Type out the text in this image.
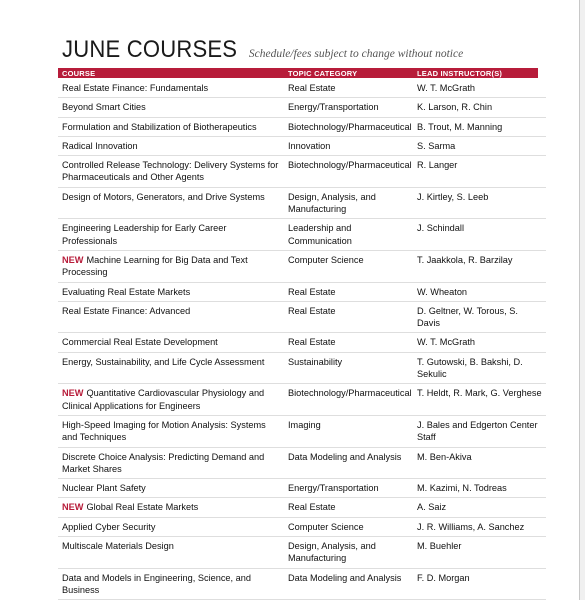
JUNE COURSES Schedule/fees subject to change without notice
COURSE	TOPIC CATEGORY	LEAD INSTRUCTOR(S)
Real Estate Finance: Fundamentals	Real Estate	W. T. McGrath
Beyond Smart Cities	Energy/Transportation	K. Larson, R. Chin
Formulation and Stabilization of Biotherapeutics	Biotechnology/Pharmaceutical	B. Trout, M. Manning
Radical Innovation	Innovation	S. Sarma
Controlled Release Technology: Delivery Systems for Pharmaceuticals and Other Agents	Biotechnology/Pharmaceutical	R. Langer
Design of Motors, Generators, and Drive Systems	Design, Analysis, and Manufacturing	J. Kirtley, S. Leeb
Engineering Leadership for Early Career Professionals	Leadership and Communication	J. Schindall
NEW Machine Learning for Big Data and Text Processing	Computer Science	T. Jaakkola, R. Barzilay
Evaluating Real Estate Markets	Real Estate	W. Wheaton
Real Estate Finance: Advanced	Real Estate	D. Geltner, W. Torous, S. Davis
Commercial Real Estate Development	Real Estate	W. T. McGrath
Energy, Sustainability, and Life Cycle Assessment	Sustainability	T. Gutowski, B. Bakshi, D. Sekulic
NEW Quantitative Cardiovascular Physiology and Clinical Applications for Engineers	Biotechnology/Pharmaceutical	T. Heldt, R. Mark, G. Verghese
High-Speed Imaging for Motion Analysis: Systems and Techniques	Imaging	J. Bales and Edgerton Center Staff
Discrete Choice Analysis: Predicting Demand and Market Shares	Data Modeling and Analysis	M. Ben-Akiva
Nuclear Plant Safety	Energy/Transportation	M. Kazimi, N. Todreas
NEW Global Real Estate Markets	Real Estate	A. Saiz
Applied Cyber Security	Computer Science	J. R. Williams, A. Sanchez
Multiscale Materials Design	Design, Analysis, and Manufacturing	M. Buehler
Data and Models in Engineering, Science, and Business	Data Modeling and Analysis	F. D. Morgan
